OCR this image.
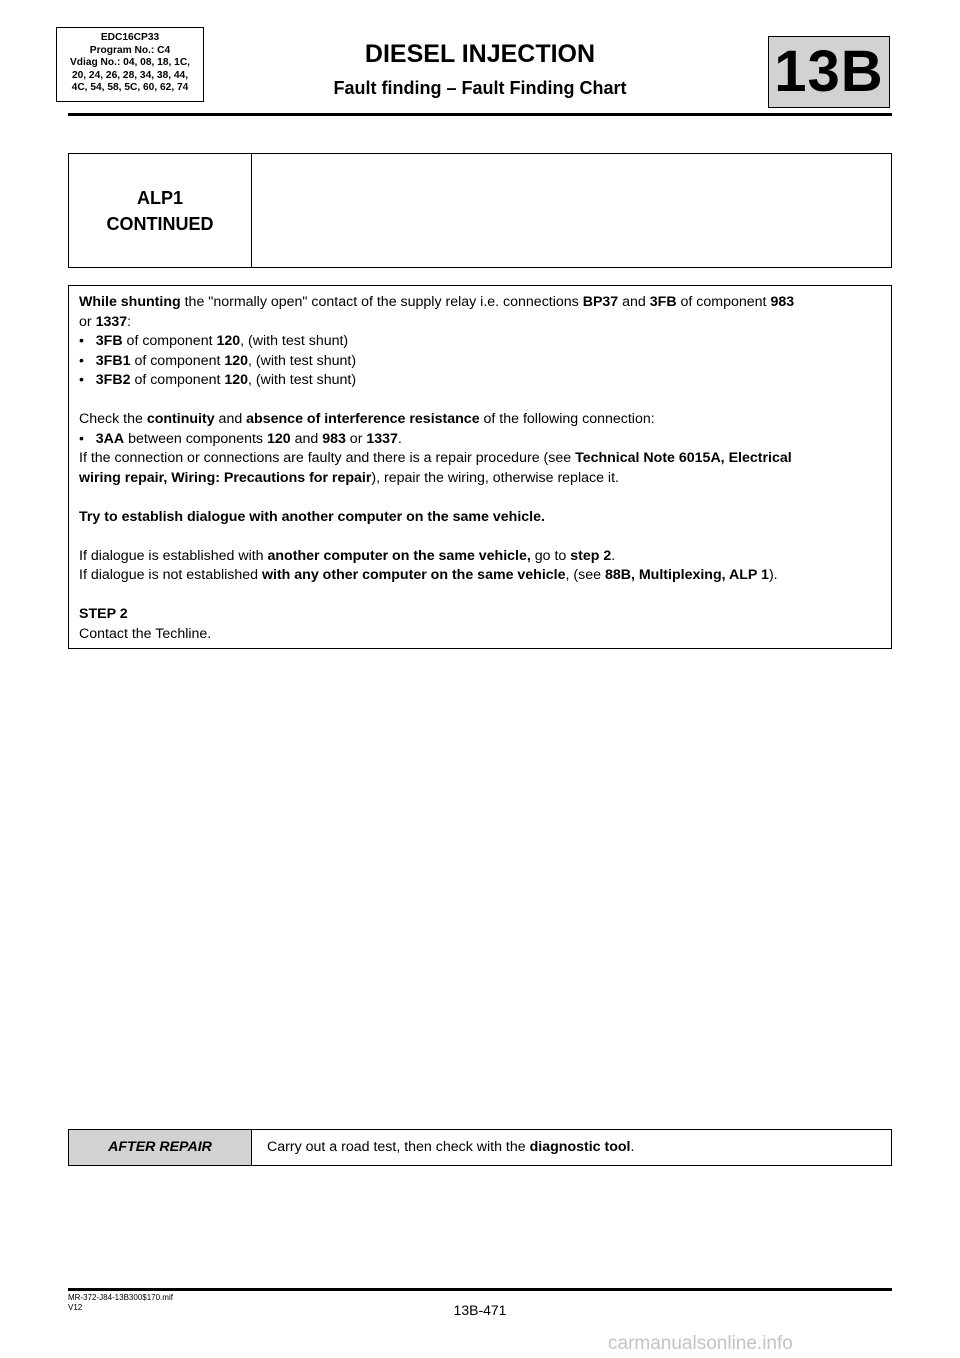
EDC16CP33
Program No.: C4
Vdiag No.: 04, 08, 18, 1C,
20, 24, 26, 28, 34, 38, 44,
4C, 54, 58, 5C, 60, 62, 74
DIESEL INJECTION
Fault finding – Fault Finding Chart	13B
ALP1
CONTINUED

While shunting the "normally open" contact of the supply relay i.e. connections BP37 and 3FB of component 983

or 1337:

•   3FB of component 120, (with test shunt)

•   3FB1 of component 120, (with test shunt)

•   3FB2 of component 120, (with test shunt)

Check the continuity and absence of interference resistance of the following connection:

•   3AA between components 120 and 983 or 1337.

If the connection or connections are faulty and there is a repair procedure (see Technical Note 6015A, Electrical

wiring repair, Wiring: Precautions for repair), repair the wiring, otherwise replace it.

Try to establish dialogue with another computer on the same vehicle.

If dialogue is established with another computer on the same vehicle, go to step 2.

If dialogue is not established with any other computer on the same vehicle, (see 88B, Multiplexing, ALP 1).

STEP 2

Contact the Techline.

AFTER REPAIR	Carry out a road test, then check with the diagnostic tool.
MR-372-J84-13B300$170.mif
V12	13B-471
carmanualsonline.info
